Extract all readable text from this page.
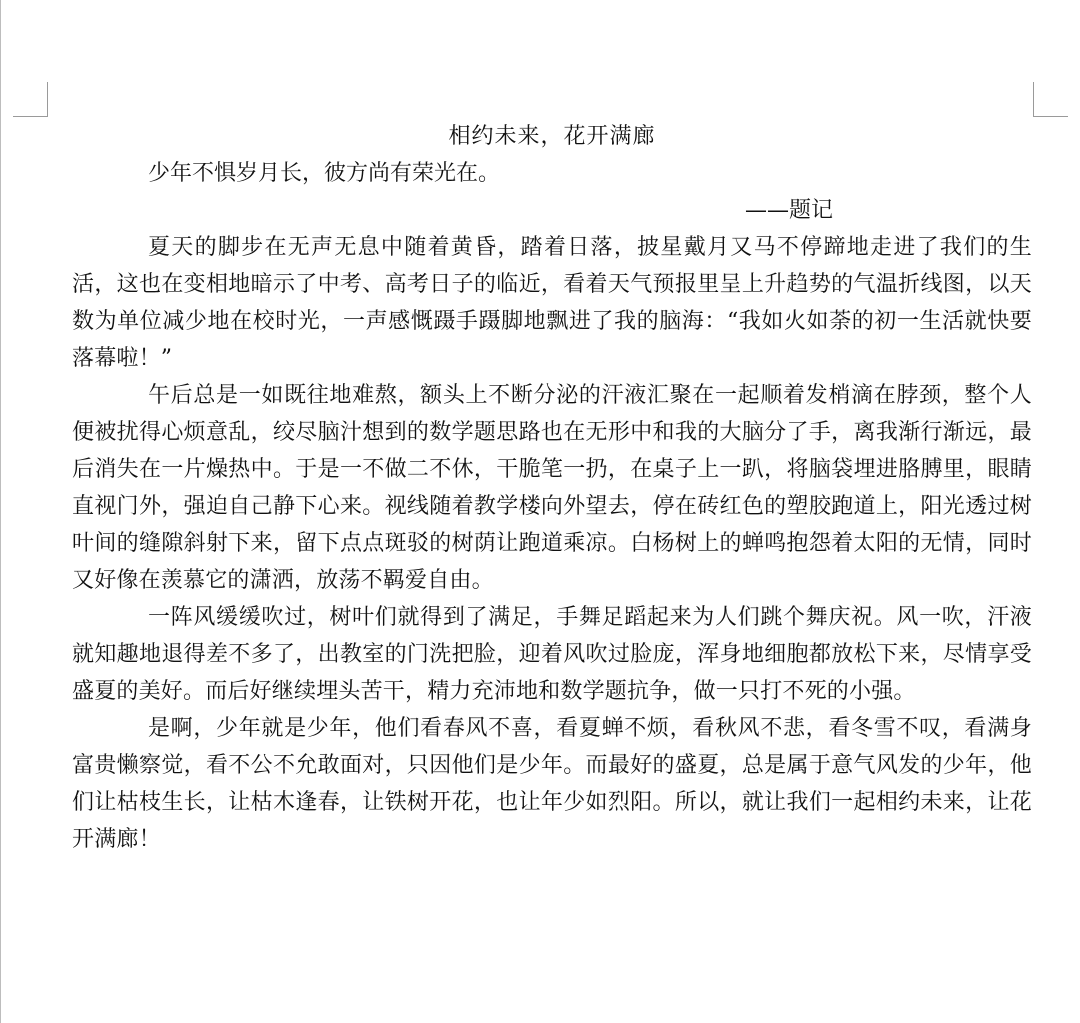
相约未来，花开满廊
少年不惧岁月长，彼方尚有荣光在。
——题记

夏天的脚步在无声无息中随着黄昏，踏着日落，披星戴月又马不停蹄地走进了我们的生活，这也在变相地暗示了中考、高考日子的临近，看着天气预报里呈上升趋势的气温折线图，以天数为单位减少地在校时光，一声感慨蹑手蹑脚地飘进了我的脑海：“我如火如荼的初一生活就快要落幕啦！”

午后总是一如既往地难熬，额头上不断分泌的汗液汇聚在一起顺着发梢滴在脖颈，整个人便被扰得心烦意乱，绞尽脑汁想到的数学题思路也在无形中和我的大脑分了手，离我渐行渐远，最后消失在一片燥热中。于是一不做二不休，干脆笔一扔，在桌子上一趴，将脑袋埋进胳膊里，眼睛直视门外，强迫自己静下心来。视线随着教学楼向外望去，停在砖红色的塑胶跑道上，阳光透过树叶间的缝隙斜射下来，留下点点斑驳的树荫让跑道乘凉。白杨树上的蝉鸣抱怨着太阳的无情，同时又好像在羡慕它的潇洒，放荡不羁爱自由。

一阵风缓缓吹过，树叶们就得到了满足，手舞足蹈起来为人们跳个舞庆祝。风一吹，汗液就知趣地退得差不多了，出教室的门洗把脸，迎着风吹过脸庞，浑身地细胞都放松下来，尽情享受盛夏的美好。而后好继续埋头苦干，精力充沛地和数学题抗争，做一只打不死的小强。

是啊，少年就是少年，他们看春风不喜，看夏蝉不烦，看秋风不悲，看冬雪不叹，看满身富贵懒察觉，看不公不允敢面对，只因他们是少年。而最好的盛夏，总是属于意气风发的少年，他们让枯枝生长，让枯木逢春，让铁树开花，也让年少如烈阳。所以，就让我们一起相约未来，让花开满廊！
